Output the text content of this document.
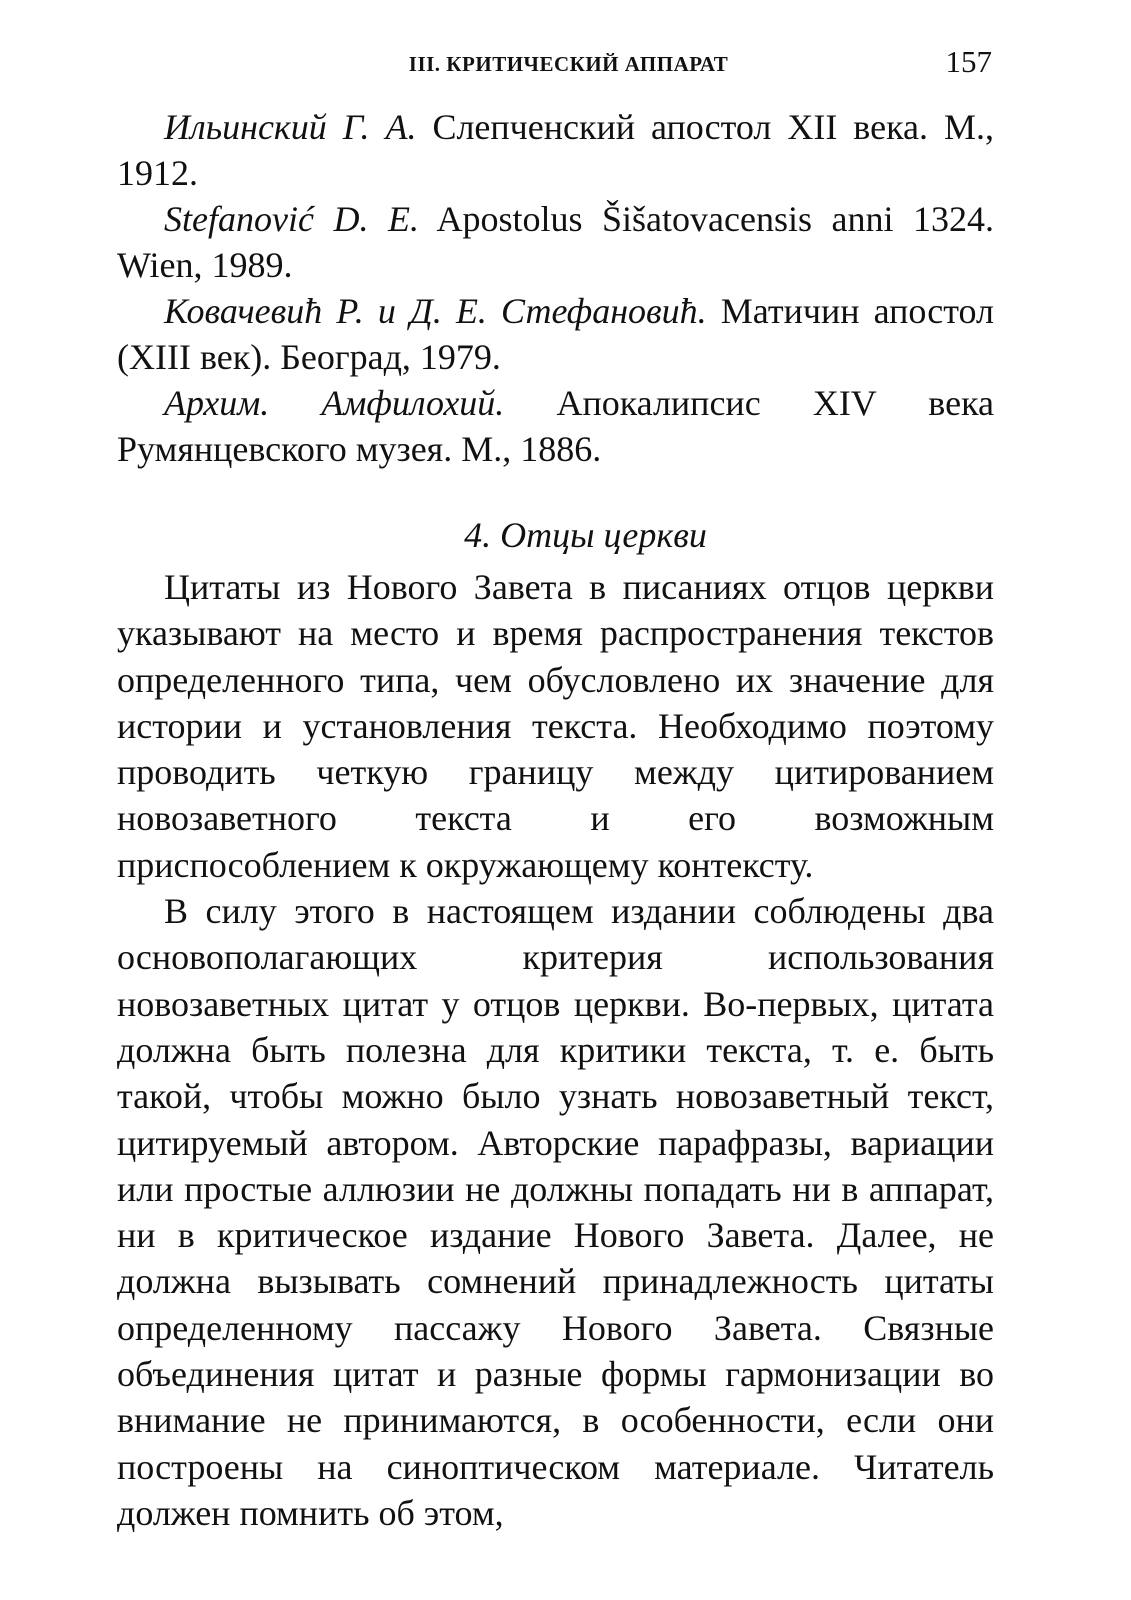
III. КРИТИЧЕСКИЙ АППАРАТ	157

Ильинский Г. А. Слепченский апостол XII века. М., 1912.

Stefanović D. E. Apostolus Šišatovacensis anni 1324. Wien, 1989.

Ковачевић Р. и Д. Е. Стефановић. Матичин апостол (XIII век). Београд, 1979.

Архим. Амфилохий. Апокалипсис XIV века Румянцевского музея. М., 1886.

4. Отцы церкви

Цитаты из Нового Завета в писаниях отцов церкви указывают на место и время распространения текстов определенного типа, чем обусловлено их значение для истории и установления текста. Необходимо поэтому проводить четкую границу между цитированием новозаветного текста и его возможным приспособлением к окружающему контексту.

В силу этого в настоящем издании соблюдены два основополагающих критерия использования новозаветных цитат у отцов церкви. Во-первых, цитата должна быть полезна для критики текста, т. е. быть такой, чтобы можно было узнать новозаветный текст, цитируемый автором. Авторские парафразы, вариации или простые аллюзии не должны попадать ни в аппарат, ни в критическое издание Нового Завета. Далее, не должна вызывать сомнений принадлежность цитаты определенному пассажу Нового Завета. Связные объединения цитат и разные формы гармонизации во внимание не принимаются, в особенности, если они построены на синоптическом материале. Читатель должен помнить об этом,
